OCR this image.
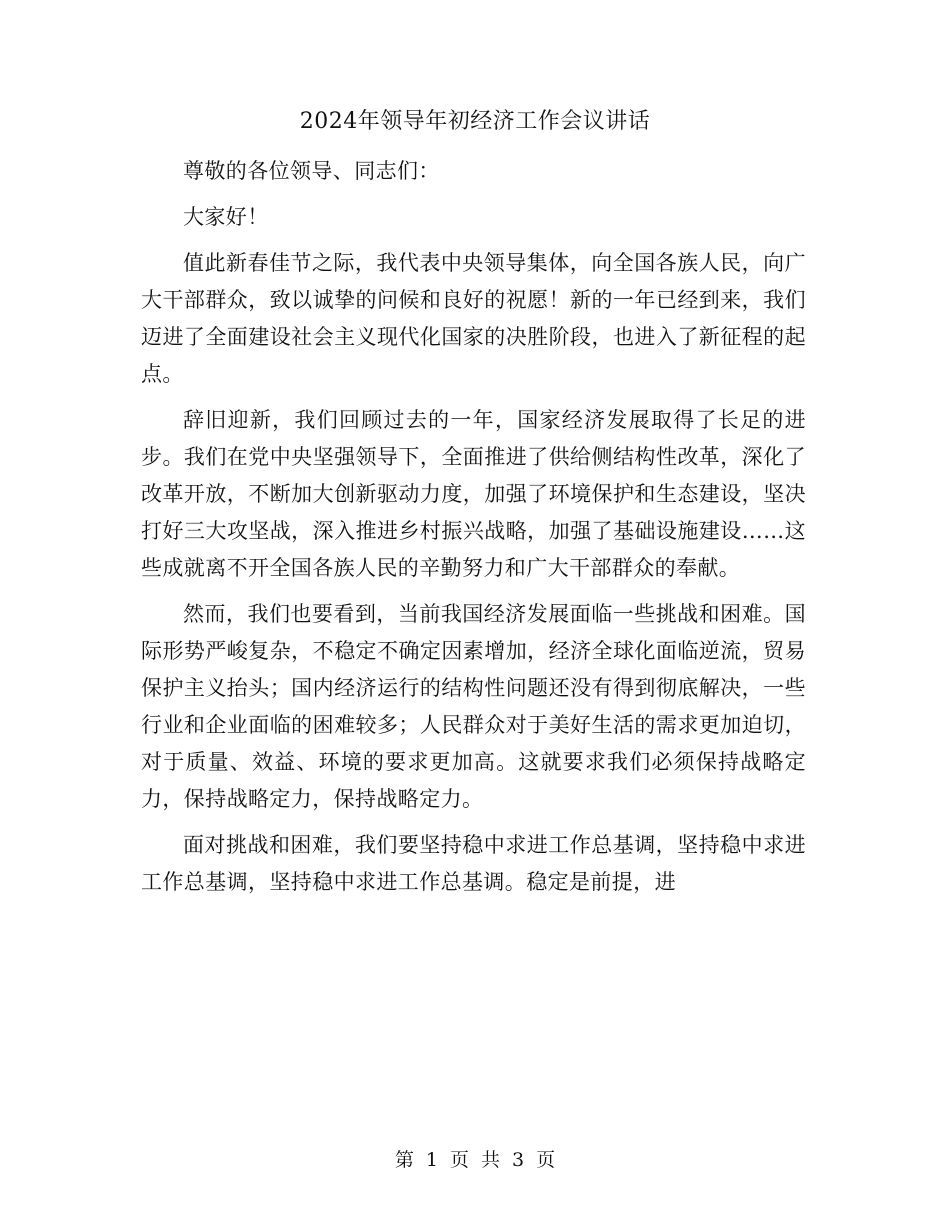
2024年领导年初经济工作会议讲话

尊敬的各位领导、同志们：

大家好！

值此新春佳节之际，我代表中央领导集体，向全国各族人民，向广大干部群众，致以诚挚的问候和良好的祝愿！新的一年已经到来，我们迈进了全面建设社会主义现代化国家的决胜阶段，也进入了新征程的起点。

辞旧迎新，我们回顾过去的一年，国家经济发展取得了长足的进步。我们在党中央坚强领导下，全面推进了供给侧结构性改革，深化了改革开放，不断加大创新驱动力度，加强了环境保护和生态建设，坚决打好三大攻坚战，深入推进乡村振兴战略，加强了基础设施建设……这些成就离不开全国各族人民的辛勤努力和广大干部群众的奉献。

然而，我们也要看到，当前我国经济发展面临一些挑战和困难。国际形势严峻复杂，不稳定不确定因素增加，经济全球化面临逆流，贸易保护主义抬头；国内经济运行的结构性问题还没有得到彻底解决，一些行业和企业面临的困难较多；人民群众对于美好生活的需求更加迫切，对于质量、效益、环境的要求更加高。这就要求我们必须保持战略定力，保持战略定力，保持战略定力。

面对挑战和困难，我们要坚持稳中求进工作总基调，坚持稳中求进工作总基调，坚持稳中求进工作总基调。稳定是前提，进

第 1 页 共 3 页
